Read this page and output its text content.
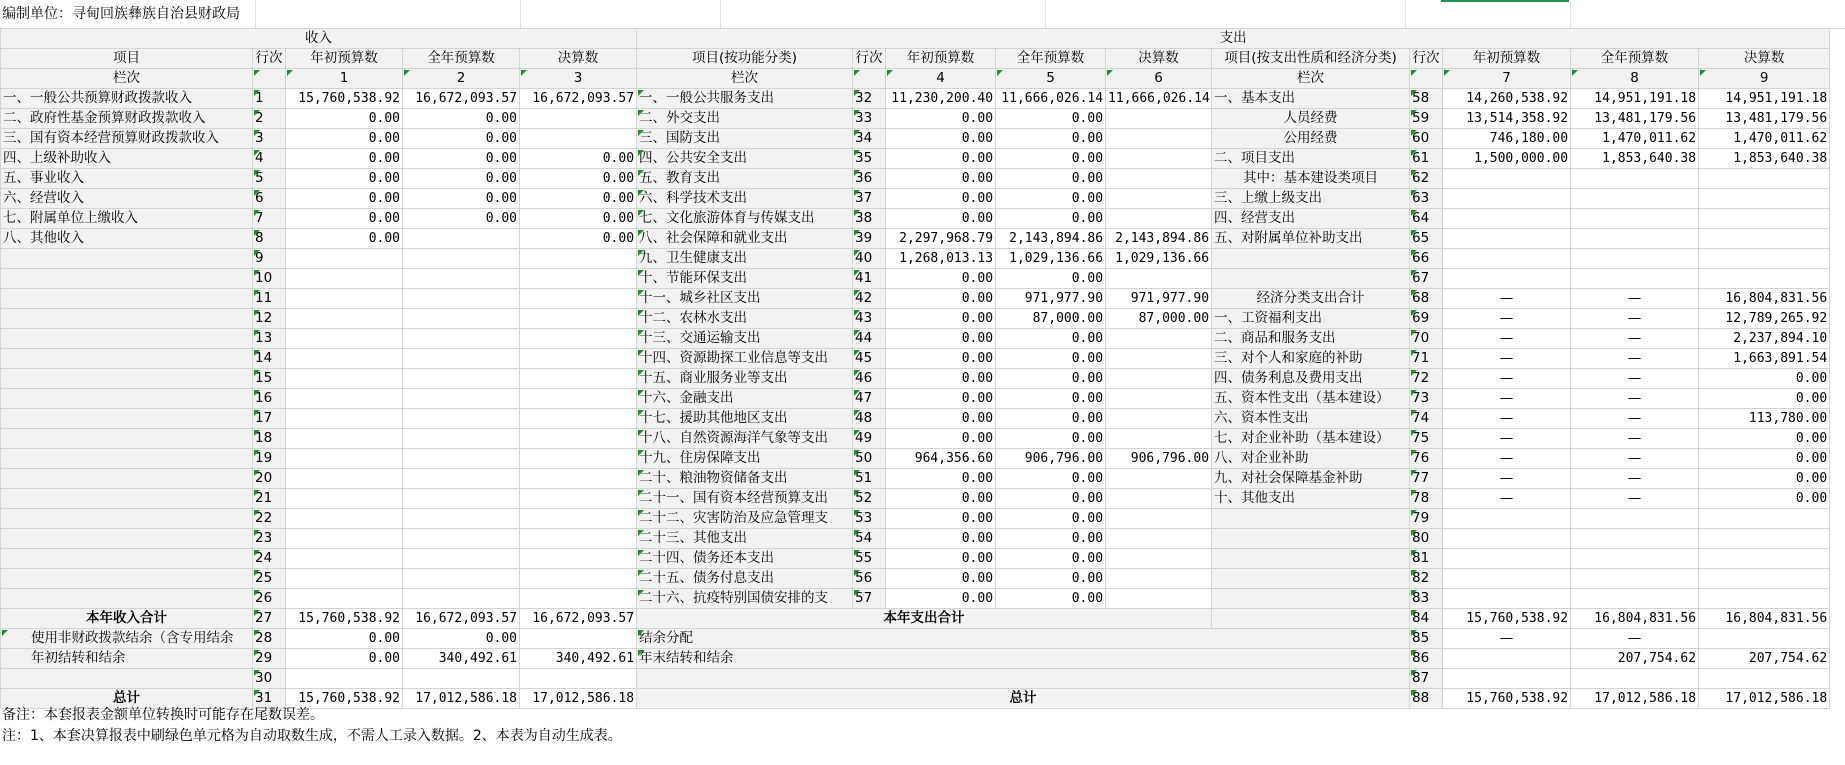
编制单位：寻甸回族彝族自治县财政局
收入					支出									
项目	行次	年初预算数	全年预算数	决算数	项目(按功能分类)	行次	年初预算数	全年预算数	决算数	项目(按支出性质和经济分类)	行次	年初预算数	全年预算数	决算数
栏次		1	2	3	栏次		4	5	6	栏次		7	8	9
一、一般公共预算财政拨款收入	1	15,760,538.92	16,672,093.57	16,672,093.57	一、一般公共服务支出	32	11,230,200.40	11,666,026.14	11,666,026.14	一、基本支出	58	14,260,538.92	14,951,191.18	14,951,191.18
二、政府性基金预算财政拨款收入	2	0.00	0.00		二、外交支出	33	0.00	0.00		人员经费	59	13,514,358.92	13,481,179.56	13,481,179.56
三、国有资本经营预算财政拨款收入	3	0.00	0.00		三、国防支出	34	0.00	0.00		公用经费	60	746,180.00	1,470,011.62	1,470,011.62
四、上级补助收入	4	0.00	0.00	0.00	四、公共安全支出	35	0.00	0.00		二、项目支出	61	1,500,000.00	1,853,640.38	1,853,640.38
五、事业收入	5	0.00	0.00	0.00	五、教育支出	36	0.00	0.00		其中：基本建设类项目	62			
六、经营收入	6	0.00	0.00	0.00	六、科学技术支出	37	0.00	0.00		三、上缴上级支出	63			
七、附属单位上缴收入	7	0.00	0.00	0.00	七、文化旅游体育与传媒支出	38	0.00	0.00		四、经营支出	64			
八、其他收入	8	0.00		0.00	八、社会保障和就业支出	39	2,297,968.79	2,143,894.86	2,143,894.86	五、对附属单位补助支出	65			
	9				九、卫生健康支出	40	1,268,013.13	1,029,136.66	1,029,136.66		66			
	10				十、节能环保支出	41	0.00	0.00			67			
	11				十一、城乡社区支出	42	0.00	971,977.90	971,977.90	经济分类支出合计	68	—	—	16,804,831.56
	12				十二、农林水支出	43	0.00	87,000.00	87,000.00	一、工资福利支出	69	—	—	12,789,265.92
	13				十三、交通运输支出	44	0.00	0.00		二、商品和服务支出	70	—	—	2,237,894.10
	14				十四、资源勘探工业信息等支出	45	0.00	0.00		三、对个人和家庭的补助	71	—	—	1,663,891.54
	15				十五、商业服务业等支出	46	0.00	0.00		四、债务利息及费用支出	72	—	—	0.00
	16				十六、金融支出	47	0.00	0.00		五、资本性支出（基本建设）	73	—	—	0.00
	17				十七、援助其他地区支出	48	0.00	0.00		六、资本性支出	74	—	—	113,780.00
	18				十八、自然资源海洋气象等支出	49	0.00	0.00		七、对企业补助（基本建设）	75	—	—	0.00
	19				十九、住房保障支出	50	964,356.60	906,796.00	906,796.00	八、对企业补助	76	—	—	0.00
	20				二十、粮油物资储备支出	51	0.00	0.00		九、对社会保障基金补助	77	—	—	0.00
	21				二十一、国有资本经营预算支出	52	0.00	0.00		十、其他支出	78	—	—	0.00
	22				二十二、灾害防治及应急管理支	53	0.00	0.00			79			
	23				二十三、其他支出	54	0.00	0.00			80			
	24				二十四、债务还本支出	55	0.00	0.00			81			
	25				二十五、债务付息支出	56	0.00	0.00			82			
	26				二十六、抗疫特别国债安排的支	57	0.00	0.00			83			
本年收入合计	27	15,760,538.92	16,672,093.57	16,672,093.57	本年支出合计						84	15,760,538.92	16,804,831.56	16,804,831.56
使用非财政拨款结余（含专用结余	28	0.00	0.00		结余分配						85	—	—	
年初结转和结余	29	0.00	340,492.61	340,492.61	年末结转和结余						86		207,754.62	207,754.62
	30										87			
总计	31	15,760,538.92	17,012,586.18	17,012,586.18	总计						88	15,760,538.92	17,012,586.18	17,012,586.18
备注：本套报表金额单位转换时可能存在尾数误差。
注：1、本套决算报表中刷绿色单元格为自动取数生成，不需人工录入数据。2、本表为自动生成表。
